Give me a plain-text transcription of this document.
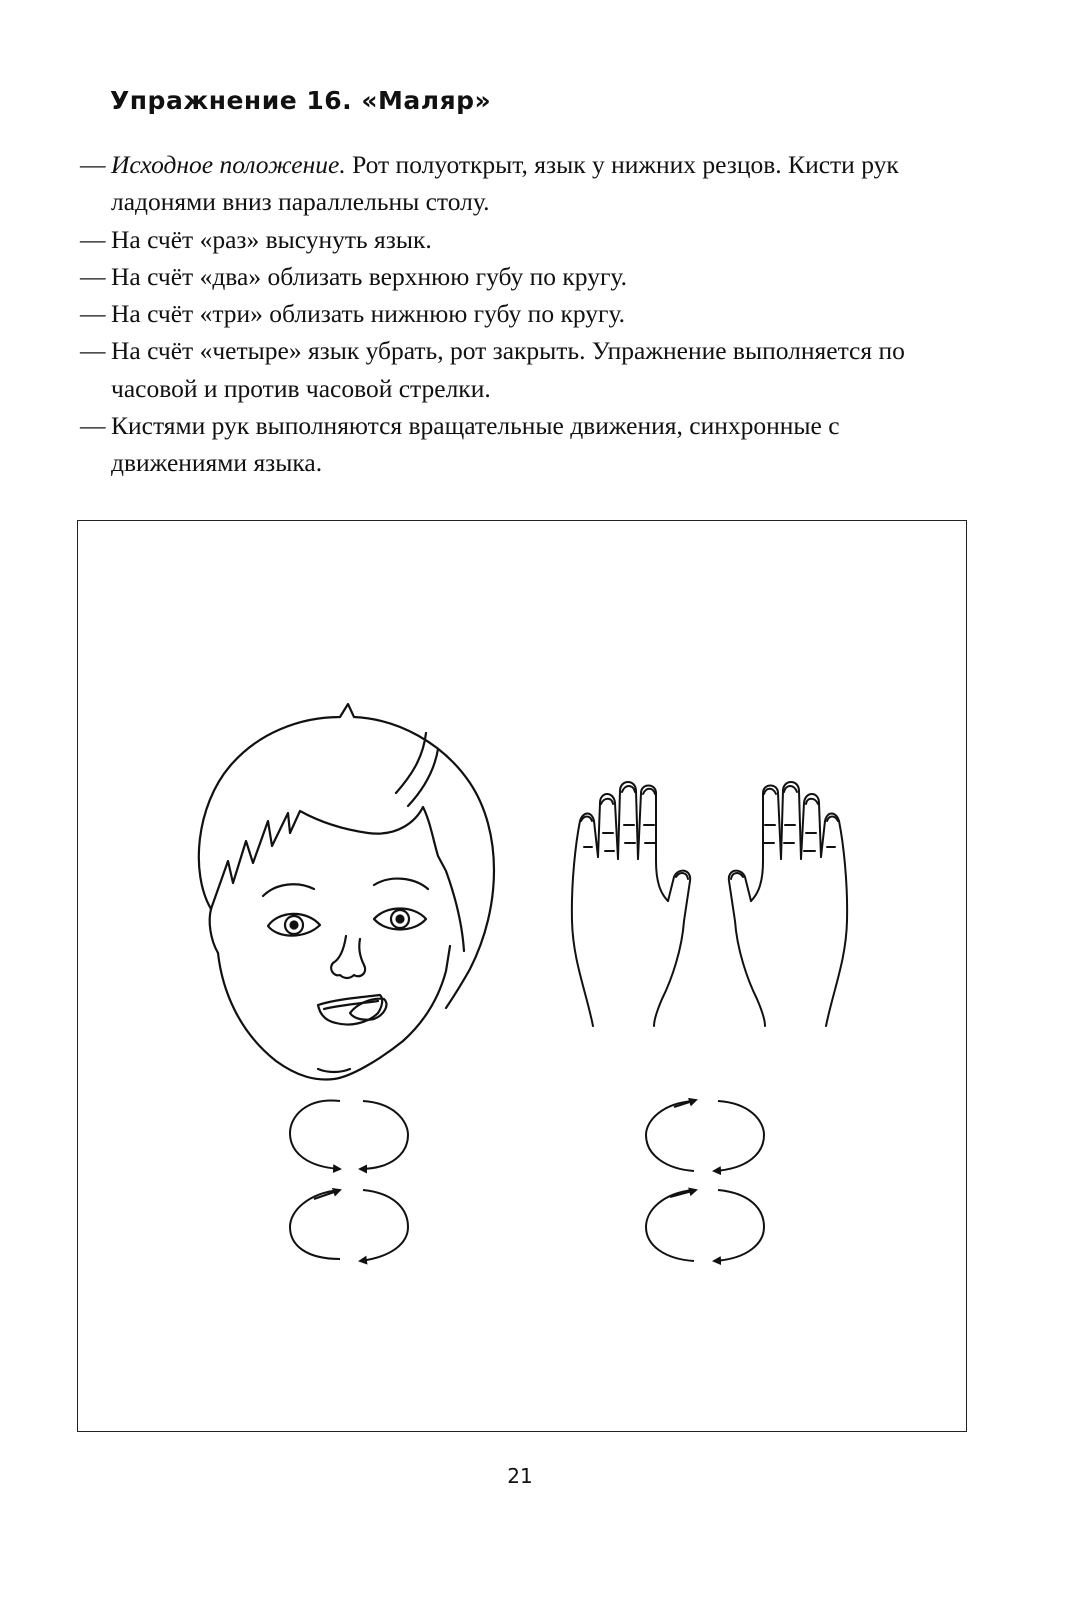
Упражнение 16. «Маляр»
— Исходное положение. Рот полуоткрыт, язык у нижних резцов. Кисти рук ладонями вниз параллельны столу.
— На счёт «раз» высунуть язык.
— На счёт «два» облизать верхнюю губу по кругу.
— На счёт «три» облизать нижнюю губу по кругу.
— На счёт «четыре» язык убрать, рот закрыть. Упражнение выполняется по часовой и против часовой стрелки.
— Кистями рук выполняются вращательные движения, синхронные с движениями языка.
21
